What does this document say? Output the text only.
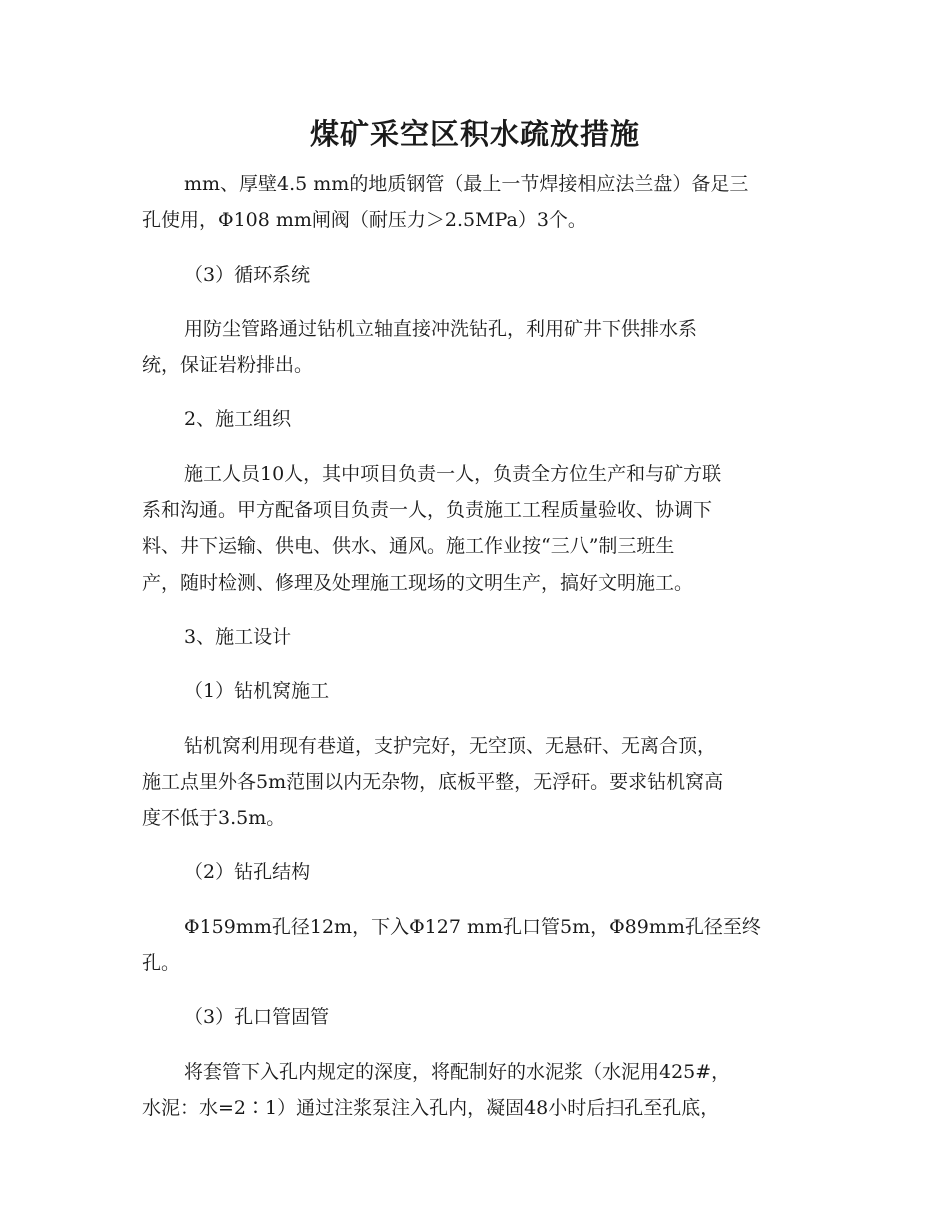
煤矿采空区积水疏放措施
mm、厚壁4.5 mm的地质钢管（最上一节焊接相应法兰盘）备足三
孔使用，Φ108 mm闸阀（耐压力＞2.5MPa）3个。
（3）循环系统
用防尘管路通过钻机立轴直接冲洗钻孔，利用矿井下供排水系
统，保证岩粉排出。
2、施工组织
施工人员10人，其中项目负责一人，负责全方位生产和与矿方联
系和沟通。甲方配备项目负责一人，负责施工工程质量验收、协调下
料、井下运输、供电、供水、通风。施工作业按“三八”制三班生
产，随时检测、修理及处理施工现场的文明生产，搞好文明施工。
3、施工设计
（1）钻机窝施工
钻机窝利用现有巷道，支护完好，无空顶、无悬矸、无离合顶，
施工点里外各5m范围以内无杂物，底板平整，无浮矸。要求钻机窝高
度不低于3.5m。
（2）钻孔结构
Φ159mm孔径12m，下入Φ127 mm孔口管5m，Φ89mm孔径至终
孔。
（3）孔口管固管
将套管下入孔内规定的深度，将配制好的水泥浆（水泥用425#，
水泥：水=2∶1）通过注浆泵注入孔内，凝固48小时后扫孔至孔底，
